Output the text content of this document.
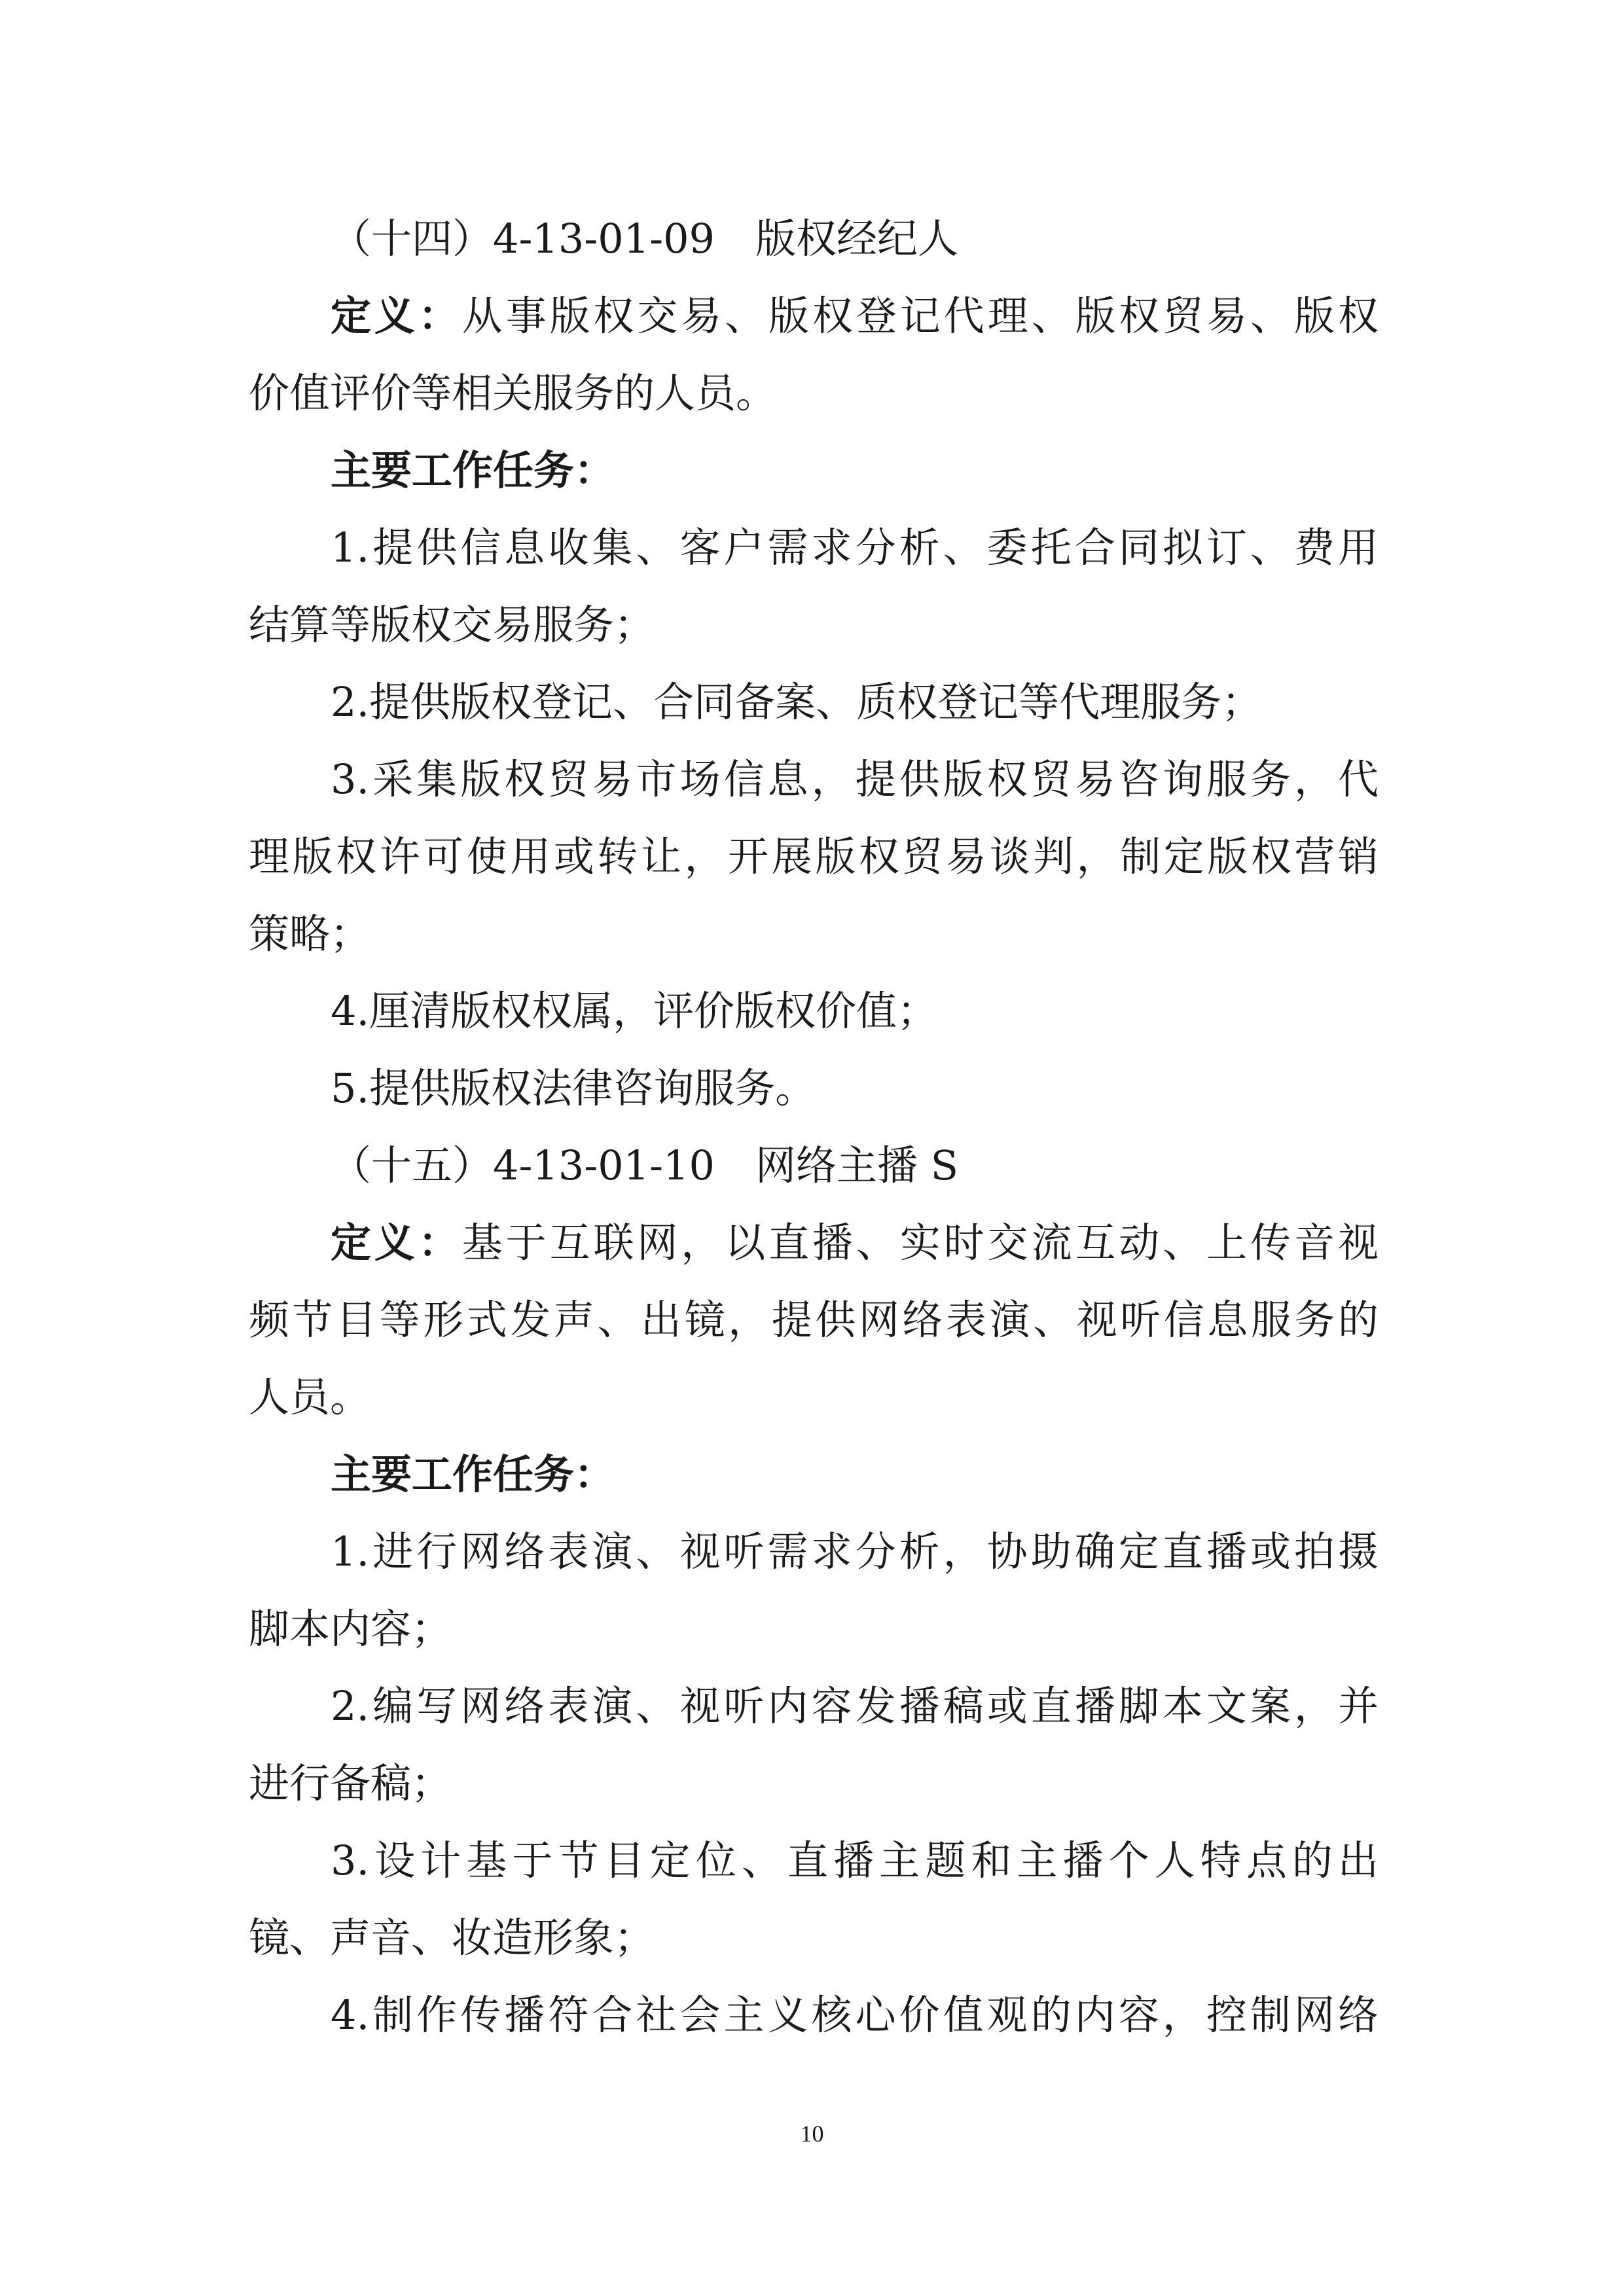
（十四）4-13-01-09　版权经纪人
定义：从事版权交易、版权登记代理、版权贸易、版权
价值评价等相关服务的人员。
主要工作任务：
1.提供信息收集、客户需求分析、委托合同拟订、费用
结算等版权交易服务；
2.提供版权登记、合同备案、质权登记等代理服务；
3.采集版权贸易市场信息，提供版权贸易咨询服务，代
理版权许可使用或转让，开展版权贸易谈判，制定版权营销
策略；
4.厘清版权权属，评价版权价值；
5.提供版权法律咨询服务。
（十五）4-13-01-10　网络主播 S
定义：基于互联网，以直播、实时交流互动、上传音视
频节目等形式发声、出镜，提供网络表演、视听信息服务的
人员。
主要工作任务：
1.进行网络表演、视听需求分析，协助确定直播或拍摄
脚本内容；
2.编写网络表演、视听内容发播稿或直播脚本文案，并
进行备稿；
3.设计基于节目定位、直播主题和主播个人特点的出
镜、声音、妆造形象；
4.制作传播符合社会主义核心价值观的内容，控制网络
10
